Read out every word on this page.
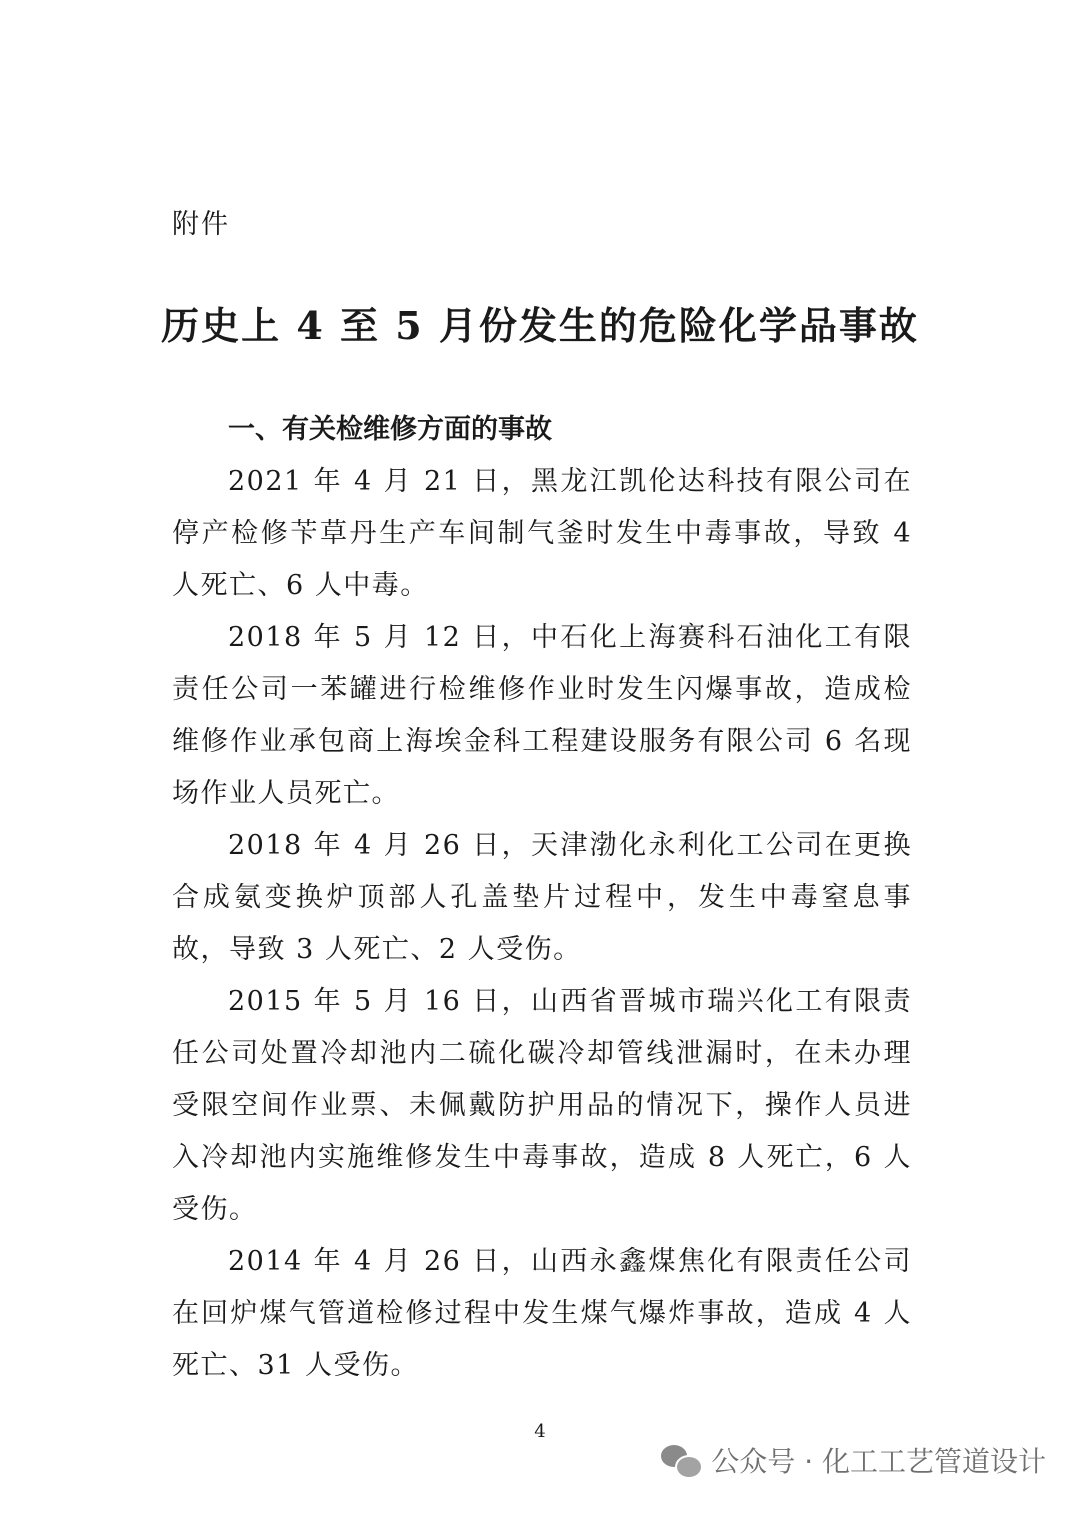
附件
历史上 4 至 5 月份发生的危险化学品事故
一、有关检维修方面的事故

2021 年 4 月 21 日，黑龙江凯伦达科技有限公司在停产检修苄草丹生产车间制气釜时发生中毒事故，导致 4 人死亡、6 人中毒。

2018 年 5 月 12 日，中石化上海赛科石油化工有限责任公司一苯罐进行检维修作业时发生闪爆事故，造成检维修作业承包商上海埃金科工程建设服务有限公司 6 名现场作业人员死亡。

2018 年 4 月 26 日，天津渤化永利化工公司在更换合成氨变换炉顶部人孔盖垫片过程中，发生中毒窒息事故，导致 3 人死亡、2 人受伤。

2015 年 5 月 16 日，山西省晋城市瑞兴化工有限责任公司处置冷却池内二硫化碳冷却管线泄漏时，在未办理受限空间作业票、未佩戴防护用品的情况下，操作人员进入冷却池内实施维修发生中毒事故，造成 8 人死亡，6 人受伤。

2014 年 4 月 26 日，山西永鑫煤焦化有限责任公司在回炉煤气管道检修过程中发生煤气爆炸事故，造成 4 人死亡、31 人受伤。

4
公众号 · 化工工艺管道设计
